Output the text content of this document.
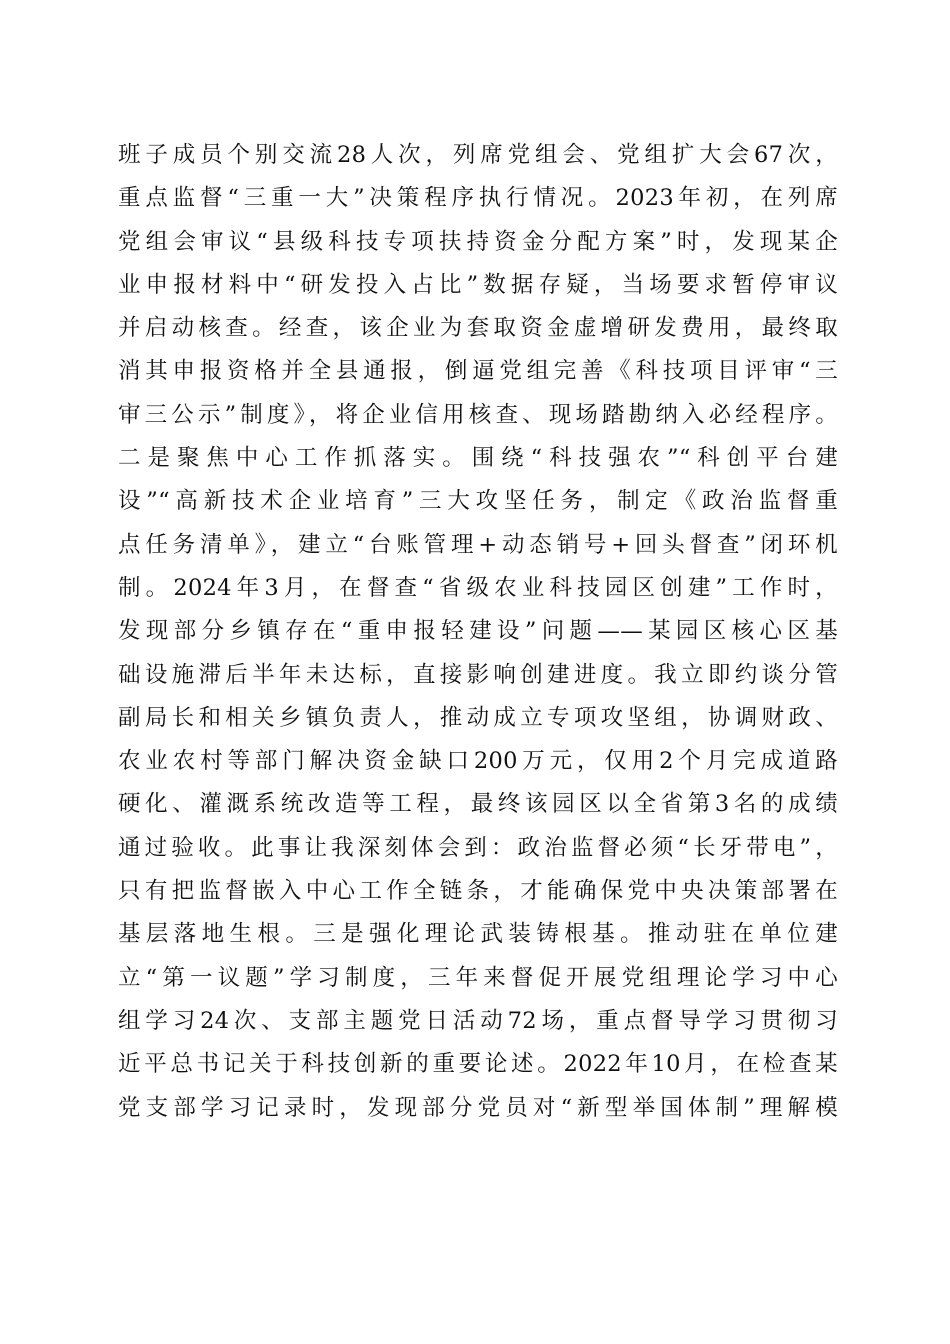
班子成员个别交流28人次，列席党组会、党组扩大会67次，
重点监督“三重一大”决策程序执行情况。2023年初，在列席
党组会审议“县级科技专项扶持资金分配方案”时，发现某企
业申报材料中“研发投入占比”数据存疑，当场要求暂停审议
并启动核查。经查，该企业为套取资金虚增研发费用，最终取
消其申报资格并全县通报，倒逼党组完善《科技项目评审“三
审三公示”制度》，将企业信用核查、现场踏勘纳入必经程序。
二是聚焦中心工作抓落实。围绕“科技强农”“科创平台建
设”“高新技术企业培育”三大攻坚任务，制定《政治监督重
点任务清单》，建立“台账管理+动态销号+回头督查”闭环机
制。2024年3月，在督查“省级农业科技园区创建”工作时，
发现部分乡镇存在“重申报轻建设”问题——某园区核心区基
础设施滞后半年未达标，直接影响创建进度。我立即约谈分管
副局长和相关乡镇负责人，推动成立专项攻坚组，协调财政、
农业农村等部门解决资金缺口200万元，仅用2个月完成道路
硬化、灌溉系统改造等工程，最终该园区以全省第3名的成绩
通过验收。此事让我深刻体会到：政治监督必须“长牙带电”，
只有把监督嵌入中心工作全链条，才能确保党中央决策部署在
基层落地生根。三是强化理论武装铸根基。推动驻在单位建
立“第一议题”学习制度，三年来督促开展党组理论学习中心
组学习24次、支部主题党日活动72场，重点督导学习贯彻习
近平总书记关于科技创新的重要论述。2022年10月，在检查某
党支部学习记录时，发现部分党员对“新型举国体制”理解模
